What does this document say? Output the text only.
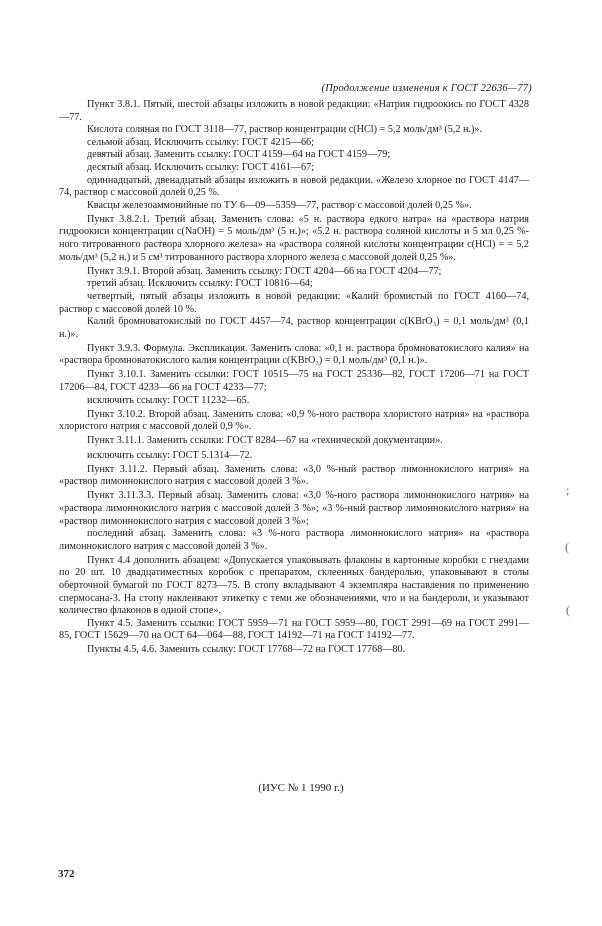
(Продолжение изменения к ГОСТ 22636—77)

Пункт 3.8.1. Пятый, шестой абзацы изложить в новой редакции: «Натрия гидроокись по ГОСТ 4328—77.

Кислота соляная по ГОСТ 3118—77, раствор концентрации c(HCl) = 5,2 моль/дм³ (5,2 н.)».

сельмой абзац. Исключить ссылку: ГОСТ 4215—66;

девятый абзац. Заменить ссылку: ГОСТ 4159—64 на ГОСТ 4159—79;

десятый абзац. Исключить ссылку: ГОСТ 4161—67;

одиннадцатый, двенадцатый абзацы изложить в новой редакции. «Железо хлорное по ГОСТ 4147—74, раствор с массовой долей 0,25 %.

Квасцы железоаммонийные по ТУ 6—09—5359—77, раствор с массовой долей 0,25 %».

Пункт 3.8.2.1. Третий абзац. Заменить слова: «5 н. раствора едкого натра» на «раствора натрия гидроокиси концентрации c(NaOH) = 5 моль/дм³ (5 н.)»; «5.2 н. раствора соляной кислоты и 5 мл 0,25 %-ного титрованного раствора хлорного железа» на «раствора соляной кислоты концентрации c(HCl) = = 5,2 моль/дм³ (5,2 н.) и 5 см³ титрованного раствора хлорного железа с массовой долей 0,25 %».

Пункт 3.9.1. Второй абзац. Заменить ссылку: ГОСТ 4204—66 на ГОСТ 4204—77;

третий абзац. Исключить ссылку: ГОСТ 10816—64;

четвертый, пятый абзацы изложить в новой редакции: «Калий бромистый по ГОСТ 4160—74, раствор с массовой долей 10 %.

Калий бромноватокислый по ГОСТ 4457—74, раствор концентрации c(KBrO₃) = 0,1 моль/дм³ (0,1 н.)».

Пункт 3.9.3. Формула. Экспликация. Заменить слова: «0,1 н. раствора бромноватокислого калия» на «раствора бромноватокислого калия концентрации c(KBrO₃) = 0,1 моль/дм³ (0,1 н.)».

Пункт 3.10.1. Заменить ссылки: ГОСТ 10515—75 на ГОСТ 25336—82, ГОСТ 17206—71 на ГОСТ 17206—84, ГОСТ 4233—66 на ГОСТ 4233—77;

исключить ссылку: ГОСТ 11232—65.

Пункт 3.10.2. Второй абзац. Заменить слова: «0,9 %-ного раствора хлористого натрия» на «раствора хлористого натрия с массовой долей 0,9 %».

Пункт 3.11.1. Заменить ссылки: ГОСТ 8284—67 на «технической документации».

исключить ссылку: ГОСТ 5.1314—72.

Пункт 3.11.2. Первый абзац. Заменить слова: «3,0 %-ный раствор лимоннокислого натрия» на «раствор лимоннокислого натрия с массовой долей 3 %».

Пункт 3.11.3.3. Первый абзац. Заменить слова: «3,0 %-ного раствора лимоннокислого натрия» на «раствора лимоннокислого натрия с массовой долей 3 %»; «3 %-ный раствор лимоннокислого натрия» на «раствор лимоннокислого натрия с массовой долей 3 %»;

последний абзац. Заменить слова: «3 %-ного раствора лимоннокислого натрия» на «раствора лимоннокислого натрия с массовой долей 3 %».

Пункт 4.4 дополнить абзацем: «Допускается упаковывать флаконы в картонные коробки с гнездами по 20 шт. 10 двадцатиместных коробок с препаратом, склеенных бандеролью, упаковывают в столы оберточной бумагой по ГОСТ 8273—75. В стопу вкладывают 4 экземпляра наставления по применению спермосана-3. На стопу наклеивают этикетку с теми же обозначениями, что и на бандероли, и указывают количество флаконов в одной стопе».

Пункт 4.5. Заменить ссылки: ГОСТ 5959—71 на ГОСТ 5959—80, ГОСТ 2991—69 на ГОСТ 2991—85, ГОСТ 15629—70 на ОСТ 64—064—88, ГОСТ 14192—71 на ГОСТ 14192—77.

Пункты 4.5, 4.6. Заменить ссылку: ГОСТ 17768—72 на ГОСТ 17768—80.

(ИУС № 1 1990 г.)
372
;
(
(
